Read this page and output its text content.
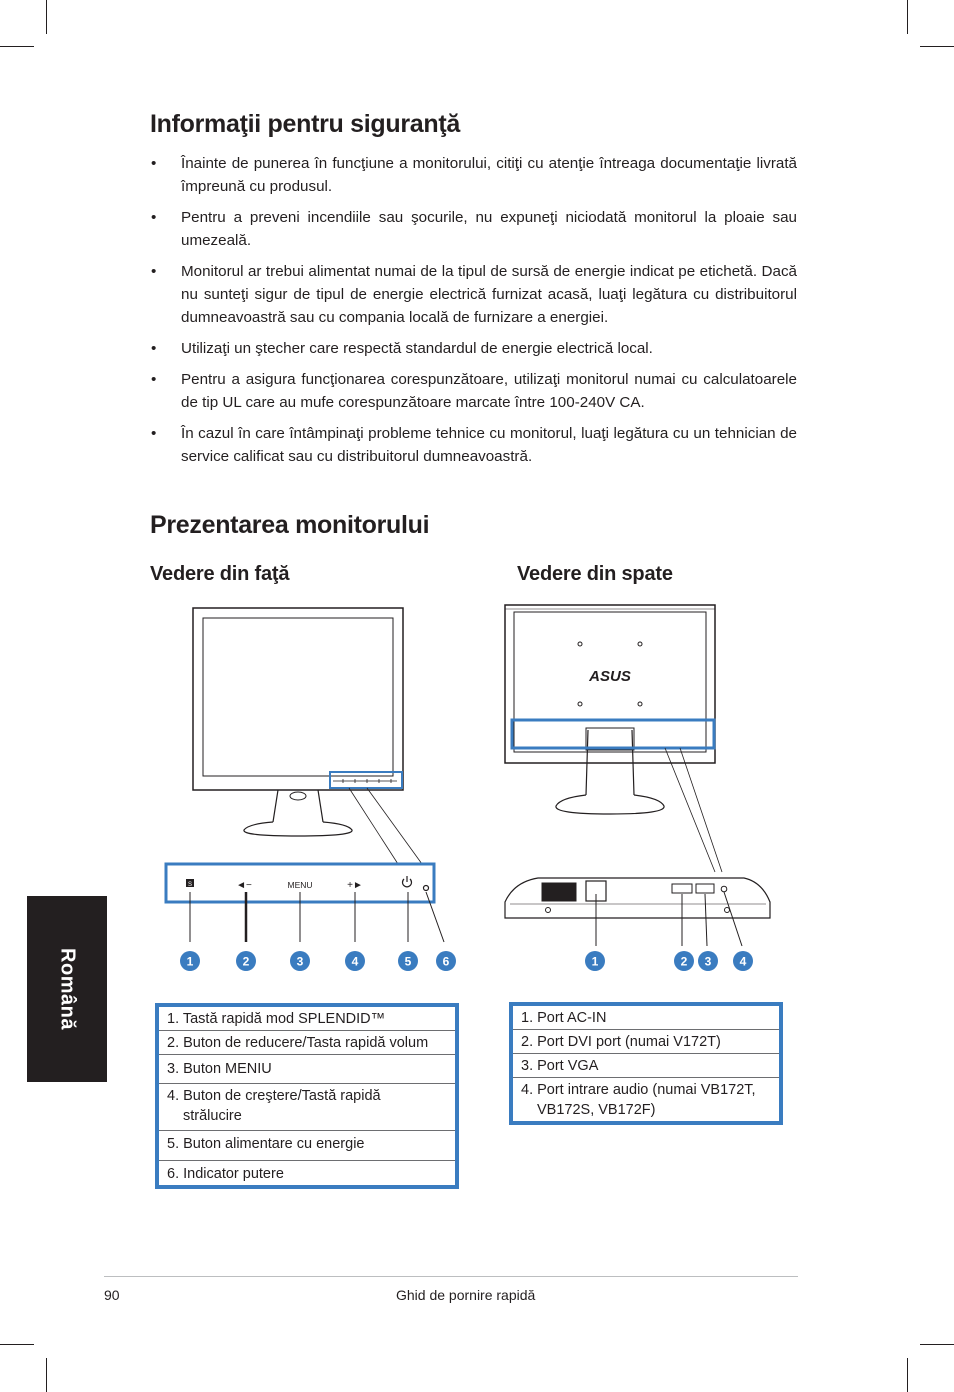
Informaţii pentru siguranţă
• Înainte de punerea în funcţiune a monitorului, citiţi cu atenţie întreaga documentaţie livrată împreună cu produsul.
• Pentru a preveni incendiile sau şocurile, nu expuneţi niciodată monitorul la ploaie sau umezeală.
• Monitorul ar trebui alimentat numai de la tipul de sursă de energie indicat pe etichetă. Dacă nu sunteţi sigur de tipul de energie electrică furnizat acasă, luaţi legătura cu distribuitorul dumneavoastră sau cu compania locală de furnizare a energiei.
• Utilizaţi un ştecher care respectă standardul de energie electrică local.
• Pentru a asigura funcţionarea corespunzătoare, utilizaţi monitorul numai cu calculatoarele de tip UL care au mufe corespunzătoare marcate între 100-240V CA.
• În cazul în care întâmpinaţi probleme tehnice cu monitorul, luaţi legătura cu un tehnician de service calificat sau cu distribuitorul dumneavoastră.
Prezentarea monitorului
Vedere din faţă	Vedere din spate
Română
S	◄−	MENU	+►
1	2	3	4	5	6
ASUS
1	2 3 4
1. Tastă rapidă mod SPLENDID™
2. Buton de reducere/Tasta rapidă volum
3. Buton MENIU
4. Buton de creştere/Tastă rapidă
strălucire
5. Buton alimentare cu energie
6. Indicator putere
1. Port AC-IN
2. Port DVI port (numai V172T)
3. Port VGA
4. Port intrare audio (numai VB172T,
VB172S, VB172F)
90	Ghid de pornire rapidă
